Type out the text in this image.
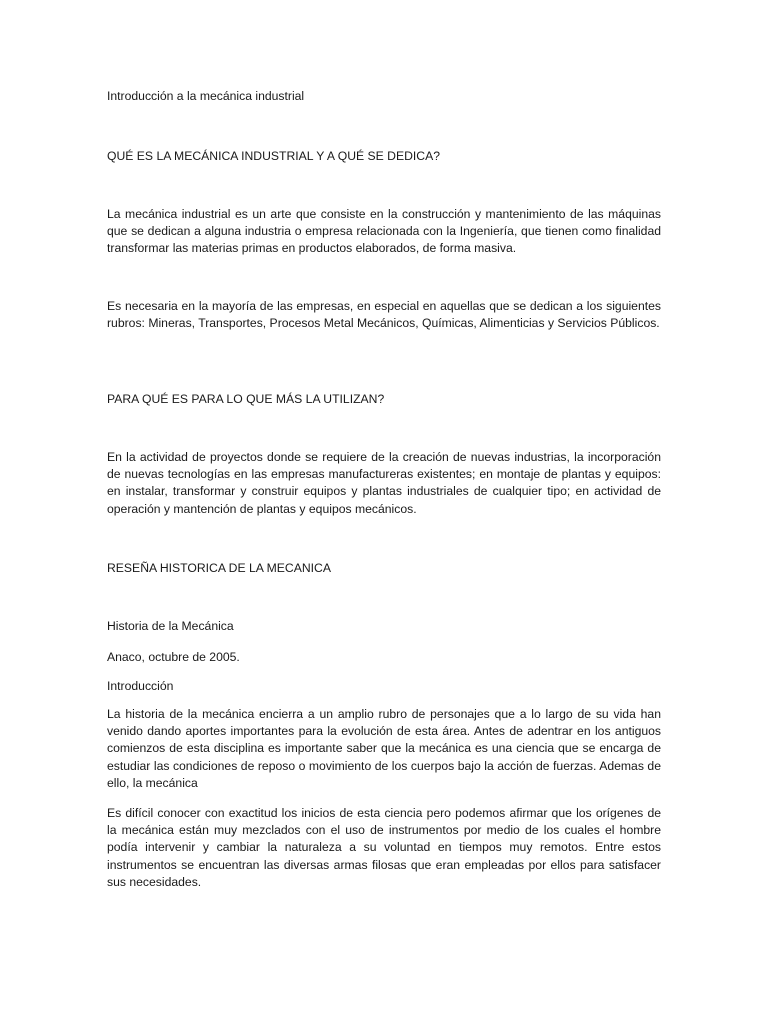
Introducción a la mecánica industrial

QUÉ ES LA MECÁNICA INDUSTRIAL Y A QUÉ SE DEDICA?

La mecánica industrial es un arte que consiste en la construcción y mantenimiento de las máquinas que se dedican a alguna industria o empresa relacionada con la Ingeniería, que tienen como finalidad transformar las materias primas en productos elaborados, de forma masiva.

Es necesaria en la mayoría de las empresas, en especial en aquellas que se dedican a los siguientes rubros: Mineras, Transportes, Procesos Metal Mecánicos, Químicas, Alimenticias y Servicios Públicos.

PARA QUÉ ES PARA LO QUE MÁS LA UTILIZAN?

En la actividad de proyectos donde se requiere de la creación de nuevas industrias, la incorporación de nuevas tecnologías en las empresas manufactureras existentes; en montaje de plantas y equipos: en instalar, transformar y construir equipos y plantas industriales de cualquier tipo; en actividad de operación y mantención de plantas y equipos mecánicos.

RESEÑA HISTORICA DE LA MECANICA

Historia de la Mecánica

Anaco, octubre de 2005.

Introducción

La historia de la mecánica encierra a un amplio rubro de personajes que a lo largo de su vida han venido dando aportes importantes para la evolución de esta área. Antes de adentrar en los antiguos comienzos de esta disciplina es importante saber que la mecánica es una ciencia que se encarga de estudiar las condiciones de reposo o movimiento de los cuerpos bajo la acción de fuerzas. Ademas de ello, la mecánica

Es difícil conocer con exactitud los inicios de esta ciencia pero podemos afirmar que los orígenes de la mecánica están muy mezclados con el uso de instrumentos por medio de los cuales el hombre podía intervenir y cambiar la naturaleza a su voluntad en tiempos muy remotos. Entre estos instrumentos se encuentran las diversas armas filosas que eran empleadas por ellos para satisfacer sus necesidades.
